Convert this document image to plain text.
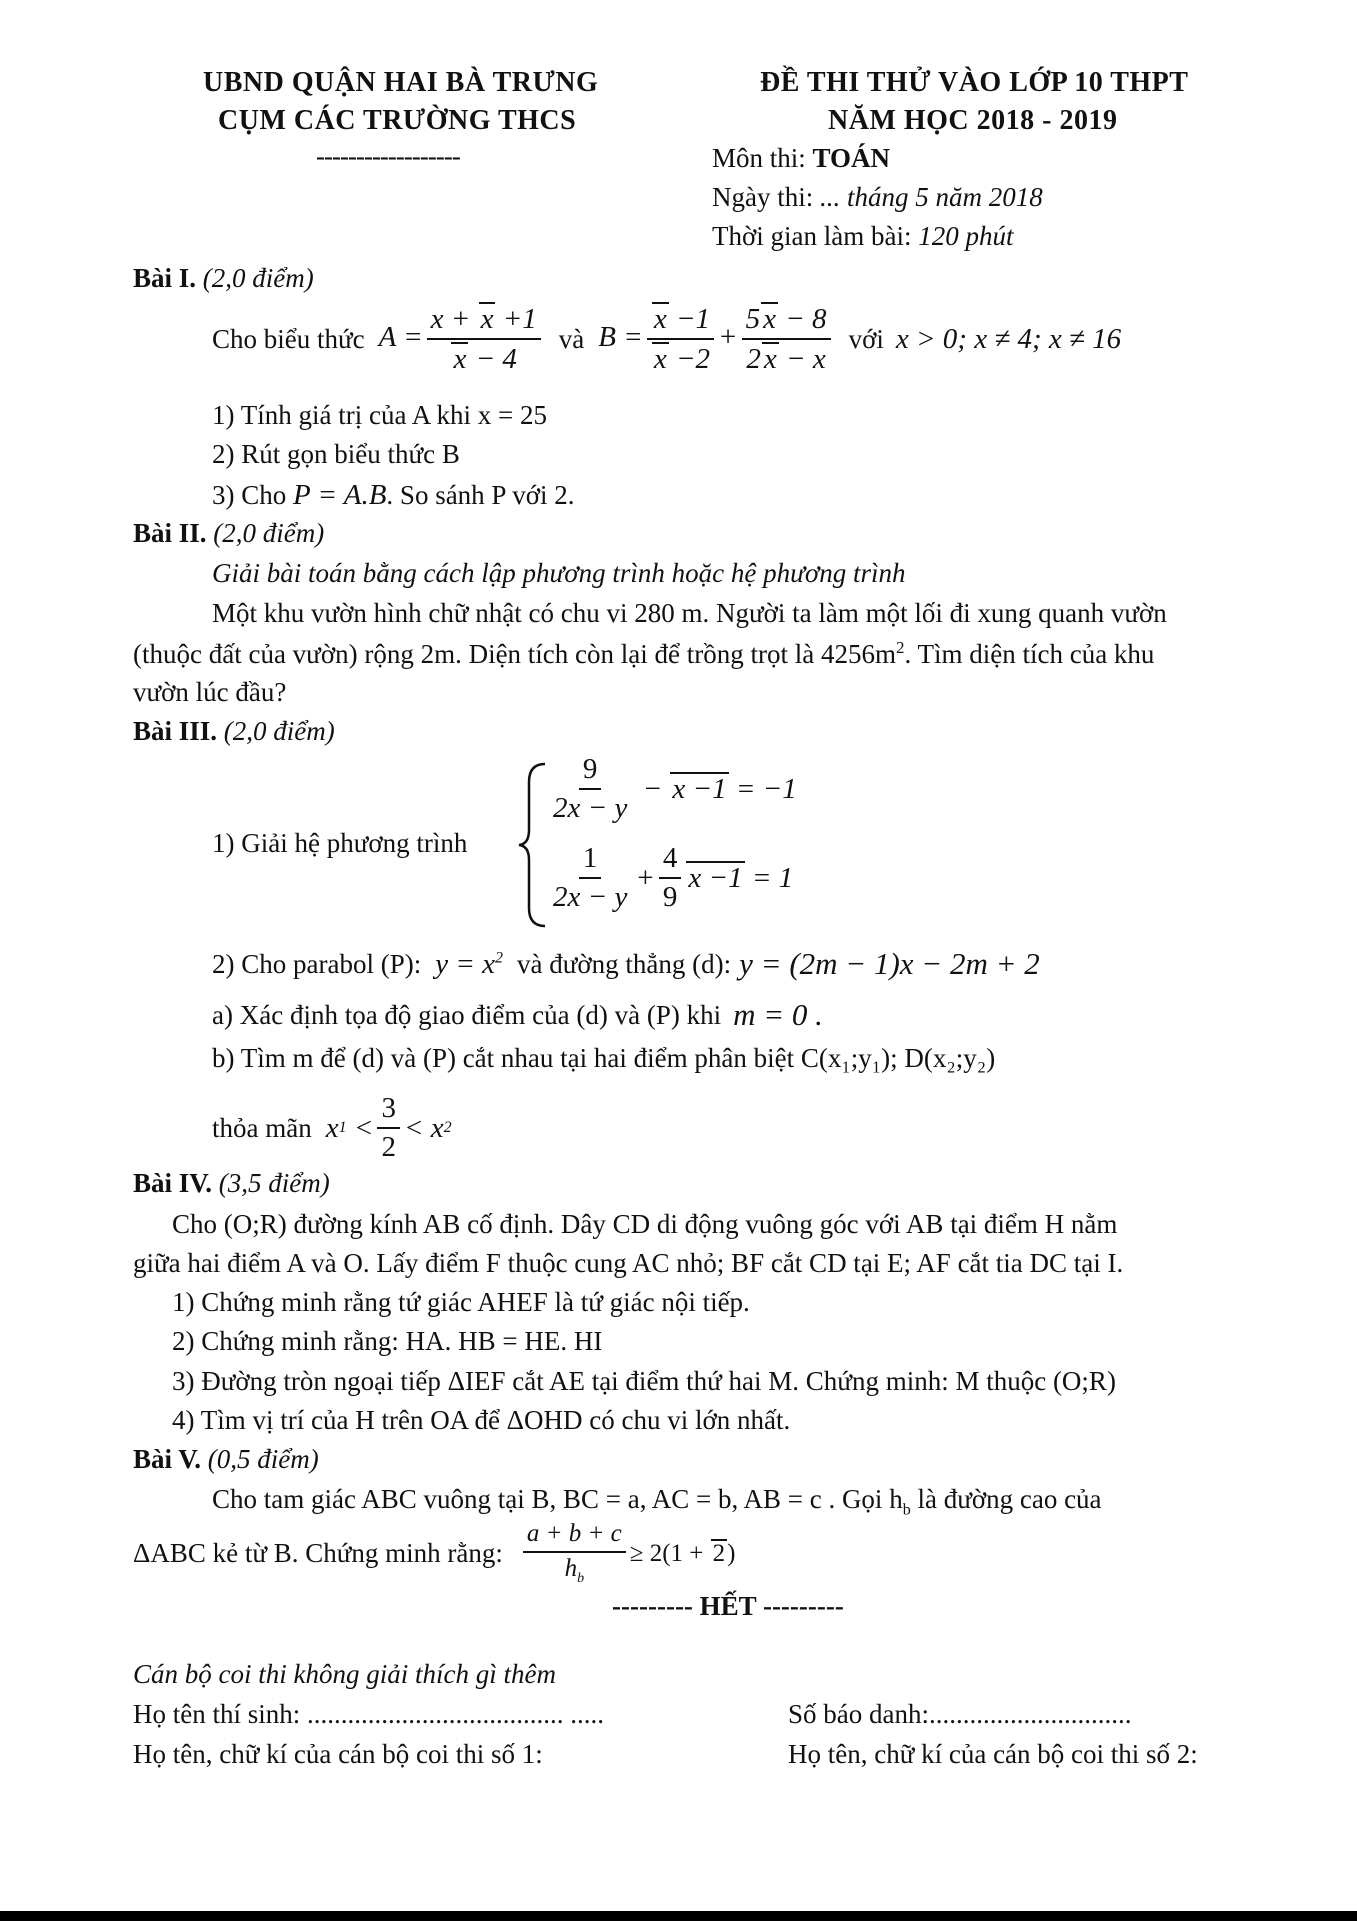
UBND QUẬN HAI BÀ TRƯNG
CỤM CÁC TRƯỜNG THCS
------------------
ĐỀ THI THỬ VÀO LỚP 10 THPT
NĂM HỌC 2018 - 2019
Môn thi: TOÁN
Ngày thi: ... tháng 5 năm 2018
Thời gian làm bài: 120 phút
Bài I. (2,0 điểm)
Cho biểu thức $A = \frac{x + x +1}{x - 4}$ và $B = \frac{x -1}{x -2} + \frac{5 x - 8}{2 x - x}$ với x > 0; x ≠ 4; x ≠ 16
1) Tính giá trị của A khi x = 25
2) Rút gọn biểu thức B
3) Cho P = A.B. So sánh P với 2.
Bài II. (2,0 điểm)
Giải bài toán bằng cách lập phương trình hoặc hệ phương trình
Một khu vườn hình chữ nhật có chu vi 280 m. Người ta làm một lối đi xung quanh vườn
(thuộc đất của vườn) rộng 2m. Diện tích còn lại để trồng trọt là $4256m^2$. Tìm diện tích của khu
vườn lúc đầu?
Bài III. (2,0 điểm)
1) Giải hệ phương trình
$\frac{9}{2x - y} - x -1 = -1$
$\frac{1}{2x - y} + \frac{4}{9}$ x −1 = 1
2) Cho parabol (P): $y = x^2$ và đường thẳng (d): y = (2m − 1)x − 2m + 2
a) Xác định tọa độ giao điểm của (d) và (P) khi m = 0 .
b) Tìm m để (d) và (P) cắt nhau tại hai điểm phân biệt C(x₁;y₁); D(x₂;y₂)
thỏa mãn x $1 < \frac{3}{2} < x$ 2
Bài IV. (3,5 điểm)
Cho (O;R) đường kính AB cố định. Dây CD di động vuông góc với AB tại điểm H nằm
giữa hai điểm A và O. Lấy điểm F thuộc cung AC nhỏ; BF cắt CD tại E; AF cắt tia DC tại I.
1) Chứng minh rằng tứ giác AHEF là tứ giác nội tiếp.
2) Chứng minh rằng: HA. HB = HE. HI
3) Đường tròn ngoại tiếp ΔIEF cắt AE tại điểm thứ hai M. Chứng minh: M thuộc (O;R)
4) Tìm vị trí của H trên OA để ΔOHD có chu vi lớn nhất.
Bài V. (0,5 điểm)
Cho tam giác ABC vuông tại B, BC = a, AC = b, AB = c . Gọi $h_b$ là đường cao của
ΔABC kẻ từ B. Chứng minh rằng: $\frac{a + b + c}{h_b} \ge 2(1 + 2)$
--------- HẾT ---------
Cán bộ coi thi không giải thích gì thêm
Họ tên thí sinh: ...................................... .....	Số báo danh:..............................
Họ tên, chữ kí của cán bộ coi thi số 1:	Họ tên, chữ kí của cán bộ coi thi số 2:
